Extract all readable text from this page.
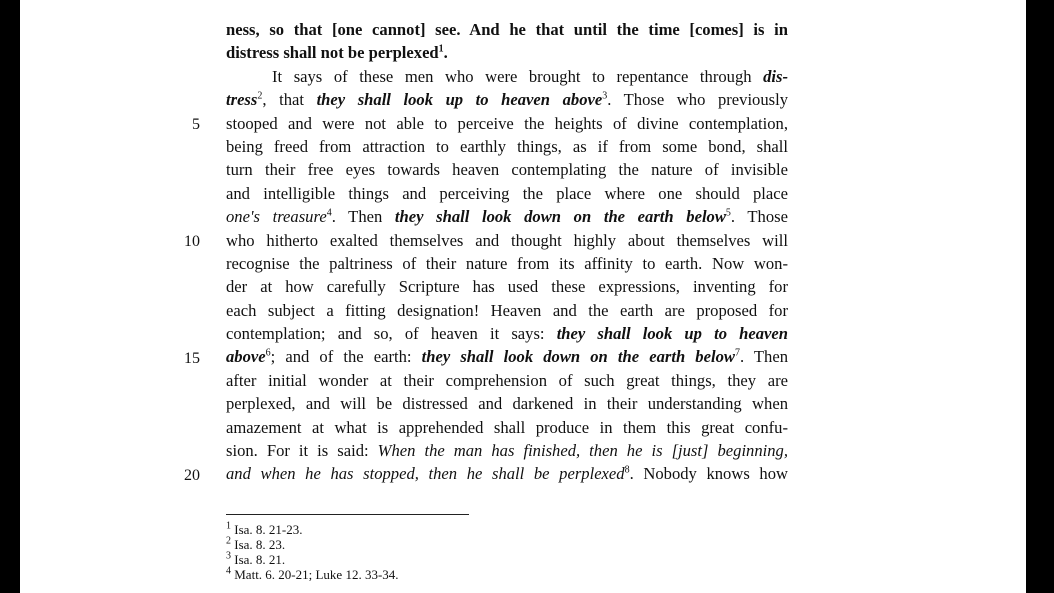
5
10
15
20
ness, so that [one cannot] see. And he that until the time [comes] is in
distress shall not be perplexed$^1$.
It says of these men who were brought to repentance through dis-
tress$^2$, that they shall look up to heaven above$^3$. Those who previously
stooped and were not able to perceive the heights of divine contemplation,
being freed from attraction to earthly things, as if from some bond, shall
turn their free eyes towards heaven contemplating the nature of invisible
and intelligible things and perceiving the place where one should place
one's treasure$^4$. Then they shall look down on the earth below$^5$. Those
who hitherto exalted themselves and thought highly about themselves will
recognise the paltriness of their nature from its affinity to earth. Now won-
der at how carefully Scripture has used these expressions, inventing for
each subject a fitting designation! Heaven and the earth are proposed for
contemplation; and so, of heaven it says: they shall look up to heaven
above$^6$; and of the earth: they shall look down on the earth below$^7$. Then
after initial wonder at their comprehension of such great things, they are
perplexed, and will be distressed and darkened in their understanding when
amazement at what is apprehended shall produce in them this great confu-
sion. For it is said: When the man has finished, then he is [just] beginning,
and when he has stopped, then he shall be perplexed$^8$. Nobody knows how
$^1$ Isa. 8. 21-23.
$^2$ Isa. 8. 23.
$^3$ Isa. 8. 21.
$^4$ Matt. 6. 20-21; Luke 12. 33-34.
